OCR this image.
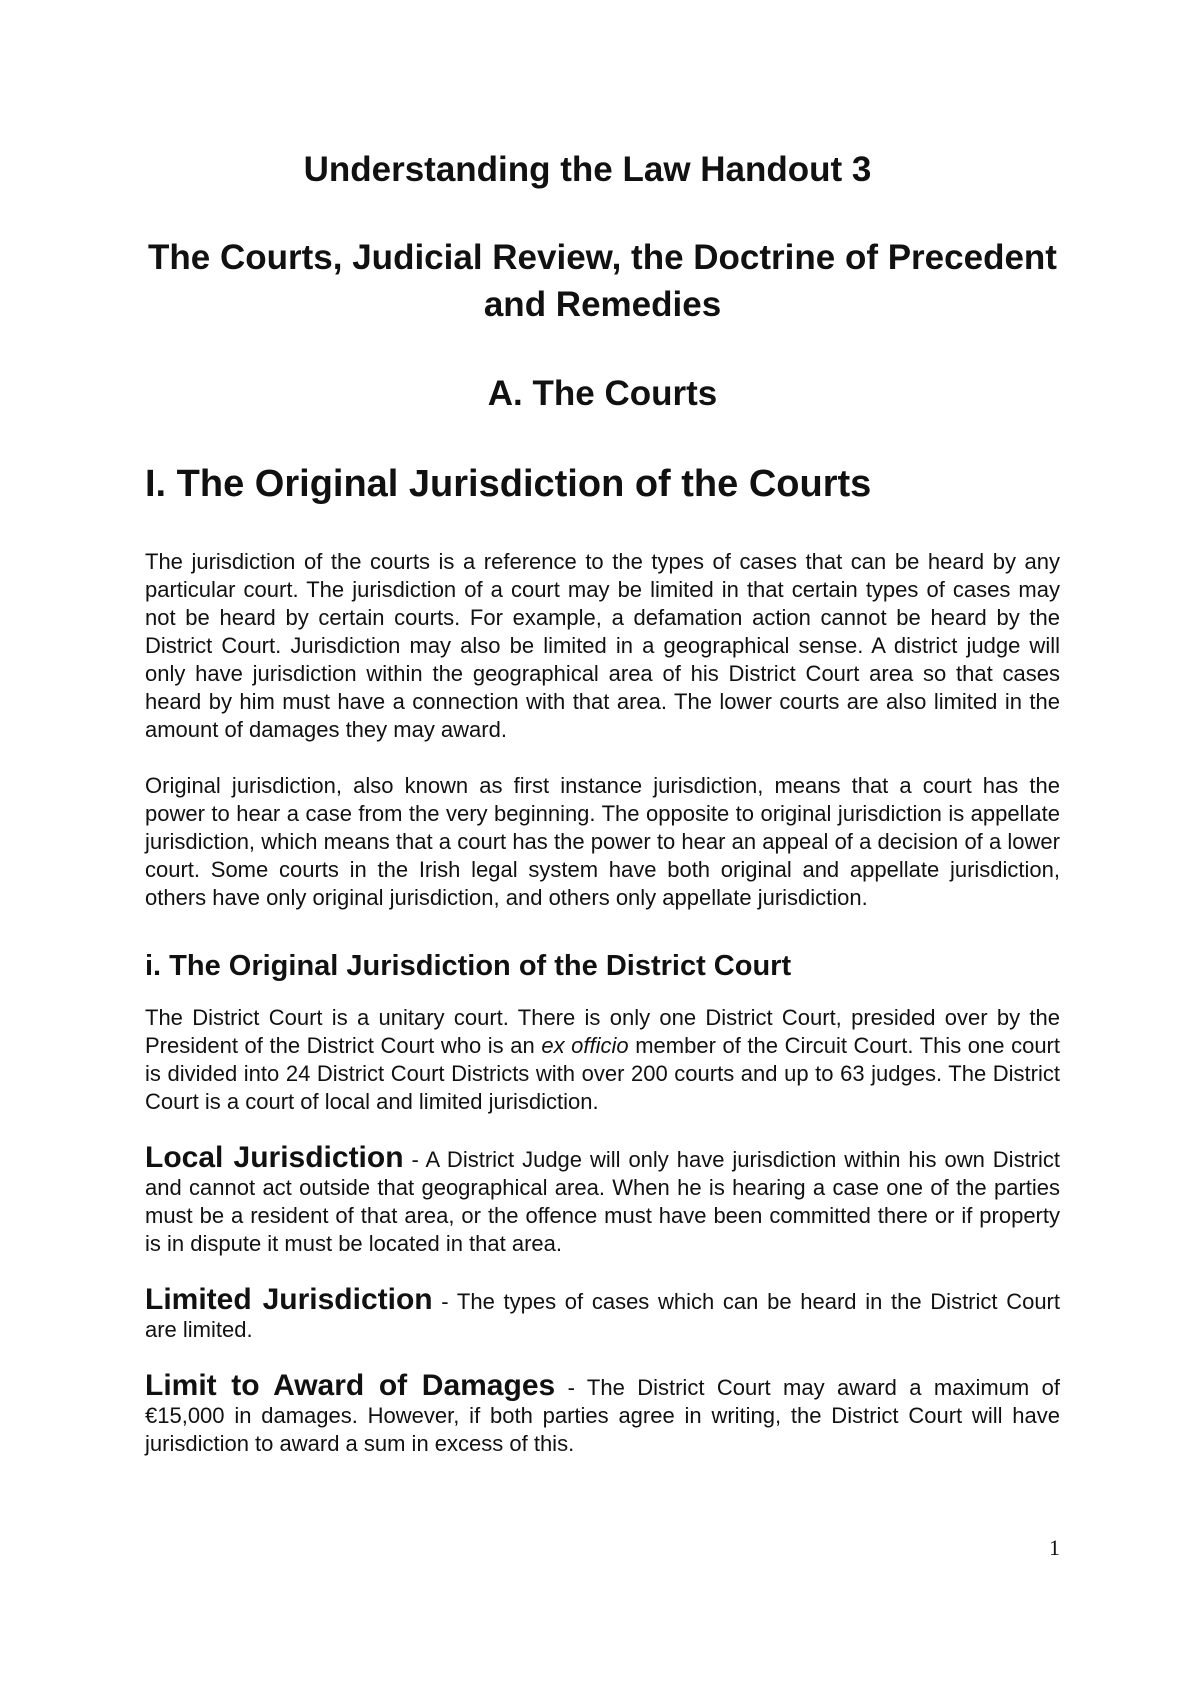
Understanding the Law Handout 3
The Courts, Judicial Review, the Doctrine of Precedent and Remedies
A. The Courts
I. The Original Jurisdiction of the Courts

The jurisdiction of the courts is a reference to the types of cases that can be heard by any particular court. The jurisdiction of a court may be limited in that certain types of cases may not be heard by certain courts. For example, a defamation action cannot be heard by the District Court. Jurisdiction may also be limited in a geographical sense. A district judge will only have jurisdiction within the geographical area of his District Court area so that cases heard by him must have a connection with that area. The lower courts are also limited in the amount of damages they may award.

Original jurisdiction, also known as first instance jurisdiction, means that a court has the power to hear a case from the very beginning. The opposite to original jurisdiction is appellate jurisdiction, which means that a court has the power to hear an appeal of a decision of a lower court. Some courts in the Irish legal system have both original and appellate jurisdiction, others have only original jurisdiction, and others only appellate jurisdiction.

i. The Original Jurisdiction of the District Court

The District Court is a unitary court. There is only one District Court, presided over by the President of the District Court who is an ex officio member of the Circuit Court. This one court is divided into 24 District Court Districts with over 200 courts and up to 63 judges. The District Court is a court of local and limited jurisdiction.

Local Jurisdiction - A District Judge will only have jurisdiction within his own District and cannot act outside that geographical area. When he is hearing a case one of the parties must be a resident of that area, or the offence must have been committed there or if property is in dispute it must be located in that area.

Limited Jurisdiction - The types of cases which can be heard in the District Court are limited.

Limit to Award of Damages - The District Court may award a maximum of €15,000 in damages. However, if both parties agree in writing, the District Court will have jurisdiction to award a sum in excess of this.

1
